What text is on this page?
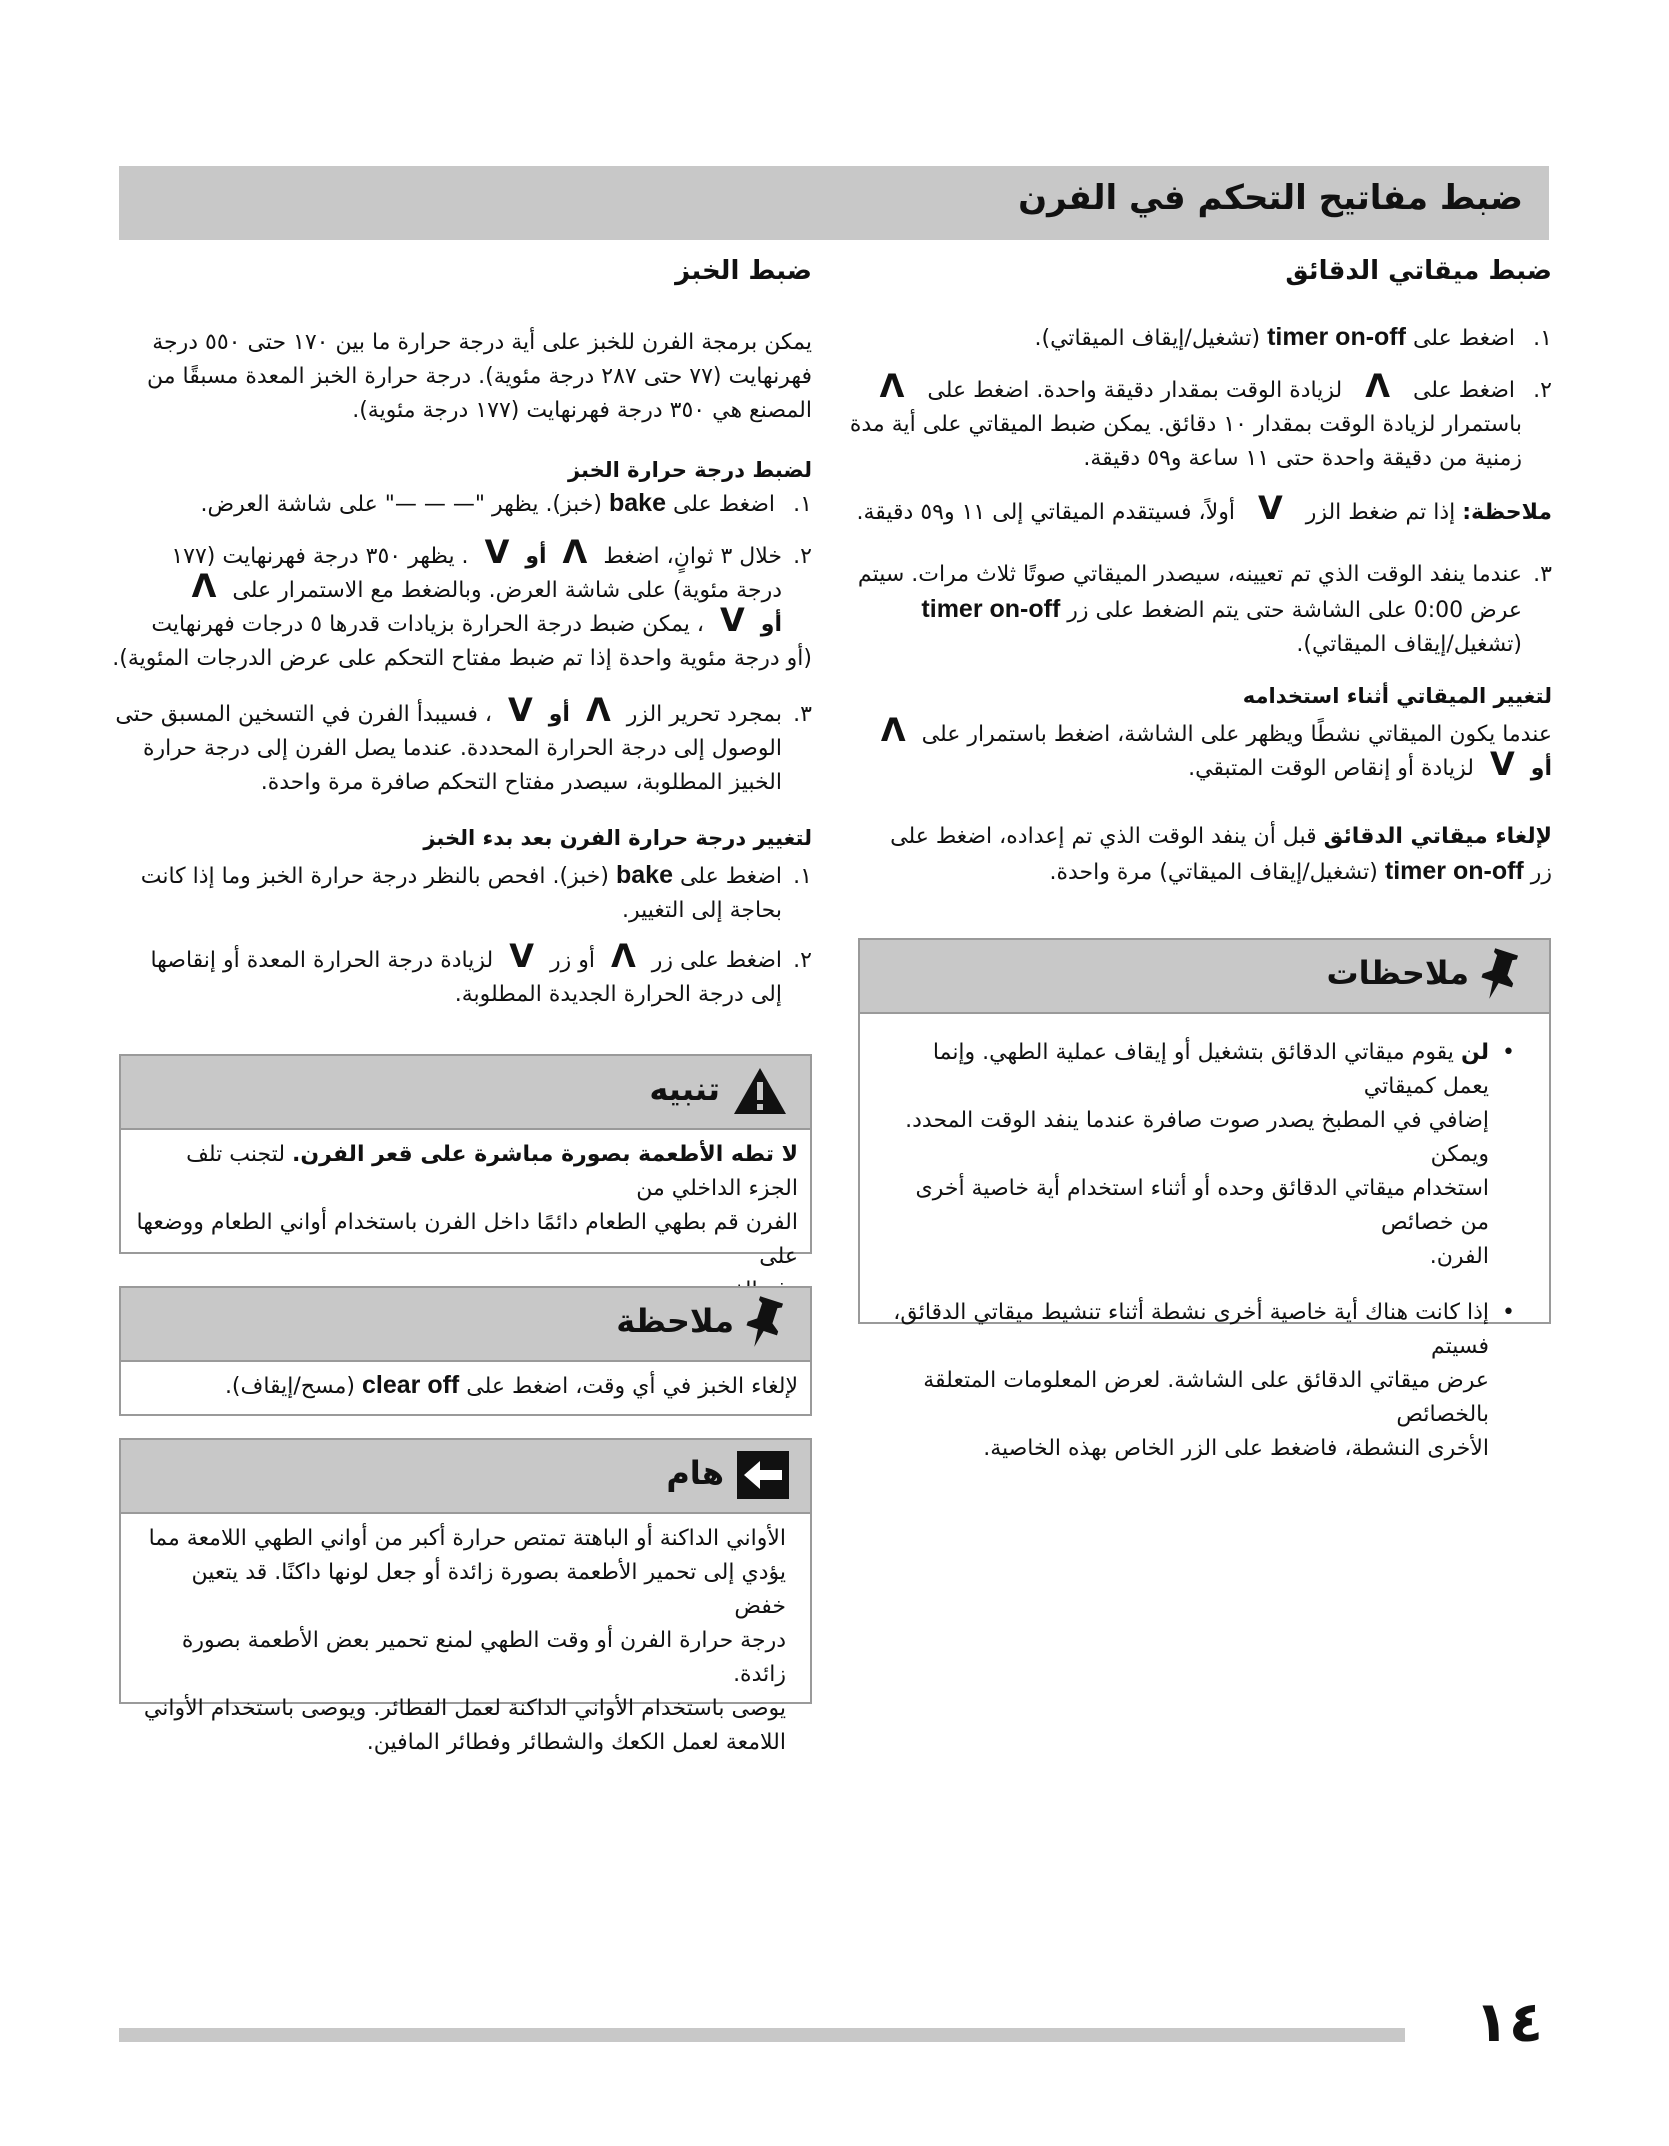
ضبط مفاتيح التحكم في الفرن
ضبط ميقاتي الدقائق
١. اضغط على timer on-off (تشغيل/إيقاف الميقاتي).
٢. اضغط على Λ لزيادة الوقت بمقدار دقيقة واحدة. اضغط على Λ
باستمرار لزيادة الوقت بمقدار ١٠ دقائق. يمكن ضبط الميقاتي على أية مدة
زمنية من دقيقة واحدة حتى ١١ ساعة و٥٩ دقيقة.
ملاحظة: إذا تم ضغط الزر V أولاً، فسيتقدم الميقاتي إلى ١١ و٥٩ دقيقة.
٣.عندما ينفد الوقت الذي تم تعيينه، سيصدر الميقاتي صوتًا ثلاث مرات. سيتم
عرض 0:00 على الشاشة حتى يتم الضغط على زر timer on-off
(تشغيل/إيقاف الميقاتي).
لتغيير الميقاتي أثناء استخدامه
عندما يكون الميقاتي نشطًا ويظهر على الشاشة، اضغط باستمرار علىΛ
أوVلزيادة أو إنقاص الوقت المتبقي.
لإلغاء ميقاتي الدقائق قبل أن ينفد الوقت الذي تم إعداده، اضغط على
زر timer on-off (تشغيل/إيقاف الميقاتي) مرة واحدة.
ملاحظات
• لن يقوم ميقاتي الدقائق بتشغيل أو إيقاف عملية الطهي. وإنما يعمل كميقاتي
إضافي في المطبخ يصدر صوت صافرة عندما ينفد الوقت المحدد. ويمكن
استخدام ميقاتي الدقائق وحده أو أثناء استخدام أية خاصية أخرى من خصائص
الفرن.
• إذا كانت هناك أية خاصية أخرى نشطة أثناء تنشيط ميقاتي الدقائق، فسيتم
عرض ميقاتي الدقائق على الشاشة. لعرض المعلومات المتعلقة بالخصائص
الأخرى النشطة، فاضغط على الزر الخاص بهذه الخاصية.
ضبط الخبز
يمكن برمجة الفرن للخبز على أية درجة حرارة ما بين ١٧٠ حتى ٥٥٠ درجة
فهرنهايت (٧٧ حتى ٢٨٧ درجة مئوية). درجة حرارة الخبز المعدة مسبقًا من
المصنع هي ٣٥٠ درجة فهرنهايت (١٧٧ درجة مئوية).
لضبط درجة حرارة الخبز
١. اضغط على bake (خبز). يظهر "— — —" على شاشة العرض.
٢.خلال ٣ ثوانٍ، اضغطΛأوV. يظهر ٣٥٠ درجة فهرنهايت (١٧٧
درجة مئوية) على شاشة العرض. وبالضغط مع الاستمرار علىΛ
أوV، يمكن ضبط درجة الحرارة بزيادات قدرها ٥ درجات فهرنهايت
(أو درجة مئوية واحدة إذا تم ضبط مفتاح التحكم على عرض الدرجات المئوية).
٣.بمجرد تحرير الزرΛأوV، فسيبدأ الفرن في التسخين المسبق حتى
الوصول إلى درجة الحرارة المحددة. عندما يصل الفرن إلى درجة حرارة
الخبيز المطلوبة، سيصدر مفتاح التحكم صافرة مرة واحدة.
لتغيير درجة حرارة الفرن بعد بدء الخبز
١.اضغط على bake (خبز). افحص بالنظر درجة حرارة الخبز وما إذا كانت
بحاجة إلى التغيير.
٢.اضغط على زرΛأو زرVلزيادة درجة الحرارة المعدة أو إنقاصها
إلى درجة الحرارة الجديدة المطلوبة.
تنبيه
لا تطه الأطعمة بصورة مباشرة على قعر الفرن. لتجنب تلف الجزء الداخلي من
الفرن قم بطهي الطعام دائمًا داخل الفرن باستخدام أواني الطعام ووضعها على
ملاحظة
لإلغاء الخبز في أي وقت، اضغط على clear off (مسح/إيقاف).
هام
الأواني الداكنة أو الباهتة تمتص حرارة أكبر من أواني الطهي اللامعة مما
يؤدي إلى تحمير الأطعمة بصورة زائدة أو جعل لونها داكنًا. قد يتعين خفض
درجة حرارة الفرن أو وقت الطهي لمنع تحمير بعض الأطعمة بصورة زائدة.
يوصى باستخدام الأواني الداكنة لعمل الفطائر. ويوصى باستخدام الأواني
اللامعة لعمل الكعك والشطائر وفطائر المافين.
١٤
